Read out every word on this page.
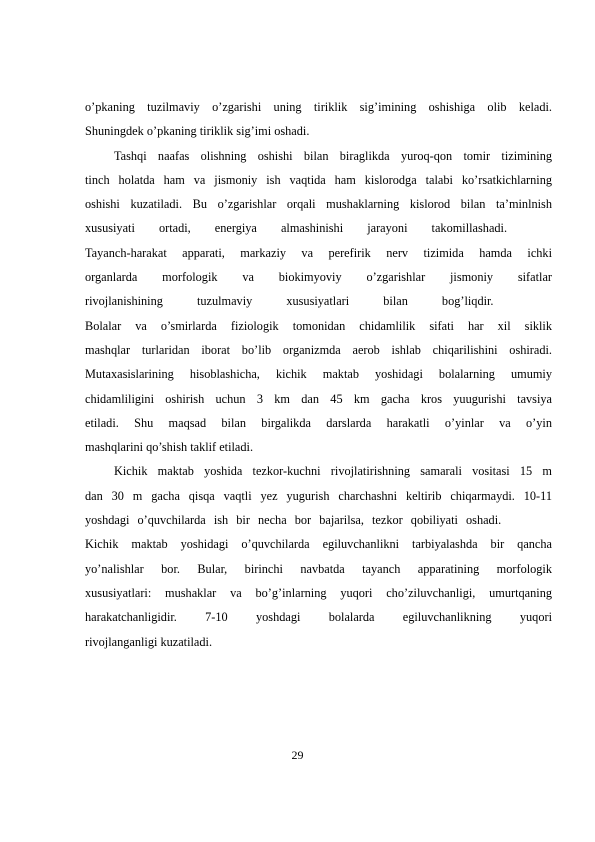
o’pkaning tuzilmaviy o’zgarishi uning tiriklik sig’imining oshishiga olib keladi.
Shuningdek o’pkaning tiriklik sig’imi oshadi.
Tashqi naafas olishning oshishi bilan biraglikda yuroq-qon tomir tizimining
tinch holatda ham va jismoniy ish vaqtida ham kislorodga talabi ko’rsatkichlarning
oshishi kuzatiladi. Bu o’zgarishlar orqali mushaklarning kislorod bilan ta’minlnish
xususiyati ortadi, energiya almashinishi jarayoni takomillashadi.
Tayanch-harakat apparati, markaziy va perefirik nerv tizimida hamda ichki
organlarda morfologik va biokimyoviy o’zgarishlar jismoniy sifatlar
rivojlanishining tuzulmaviy xususiyatlari bilan bog’liqdir.
Bolalar va o’smirlarda fiziologik tomonidan chidamlilik sifati har xil siklik
mashqlar turlaridan iborat bo’lib organizmda aerob ishlab chiqarilishini oshiradi.
Mutaxasislarining hisoblashicha, kichik maktab yoshidagi bolalarning umumiy
chidamliligini oshirish uchun 3 km dan 45 km gacha kros yuugurishi tavsiya
etiladi. Shu maqsad bilan birgalikda darslarda harakatli o’yinlar va o’yin
mashqlarini qo’shish taklif etiladi.
Kichik maktab yoshida tezkor-kuchni rivojlatirishning samarali vositasi 15 m
dan 30 m gacha qisqa vaqtli yez yugurish charchashni keltirib chiqarmaydi. 10-11
yoshdagi o’quvchilarda ish bir necha bor bajarilsa, tezkor qobiliyati oshadi.
Kichik maktab yoshidagi o’quvchilarda egiluvchanlikni tarbiyalashda bir qancha
yo’nalishlar bor. Bular, birinchi navbatda tayanch apparatining morfologik
xususiyatlari: mushaklar va bo’g’inlarning yuqori cho’ziluvchanligi, umurtqaning
harakatchanligidir. 7-10 yoshdagi bolalarda egiluvchanlikning yuqori
rivojlanganligi kuzatiladi.
29
